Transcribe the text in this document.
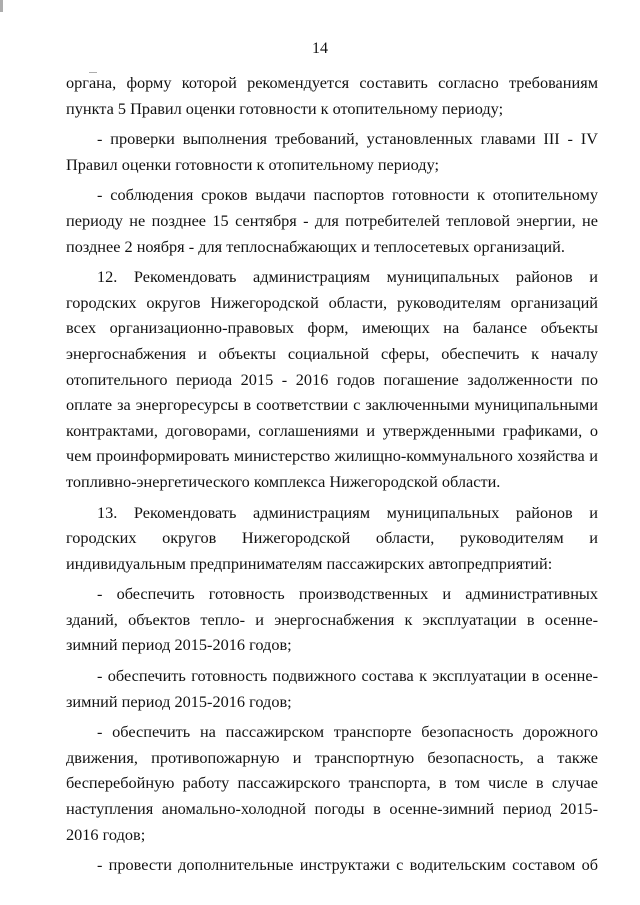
14

органа, форму которой рекомендуется составить согласно требованиям пункта 5 Правил оценки готовности к отопительному периоду;

- проверки выполнения требований, установленных главами III - IV Правил оценки готовности к отопительному периоду;

- соблюдения сроков выдачи паспортов готовности к отопительному периоду не позднее 15 сентября - для потребителей тепловой энергии, не позднее 2 ноября - для теплоснабжающих и теплосетевых организаций.

12. Рекомендовать администрациям муниципальных районов и городских округов Нижегородской области, руководителям организаций всех организационно-правовых форм, имеющих на балансе объекты энергоснабжения и объекты социальной сферы, обеспечить к началу отопительного периода 2015 - 2016 годов погашение задолженности по оплате за энергоресурсы в соответствии с заключенными муниципальными контрактами, договорами, соглашениями и утвержденными графиками, о чем проинформировать министерство жилищно-коммунального хозяйства и топливно-энергетического комплекса Нижегородской области.

13. Рекомендовать администрациям муниципальных районов и городских округов Нижегородской области, руководителям и индивидуальным предпринимателям пассажирских автопредприятий:

- обеспечить готовность производственных и административных зданий, объектов тепло- и энергоснабжения к эксплуатации в осенне-зимний период 2015-2016 годов;

- обеспечить готовность подвижного состава к эксплуатации в осенне- зимний период 2015-2016 годов;

- обеспечить на пассажирском транспорте безопасность дорожного движения, противопожарную и транспортную безопасность, а также бесперебойную работу пассажирского транспорта, в том числе в случае наступления аномально-холодной погоды в осенне-зимний период 2015-2016 годов;

- провести дополнительные инструктажи с водительским составом об
